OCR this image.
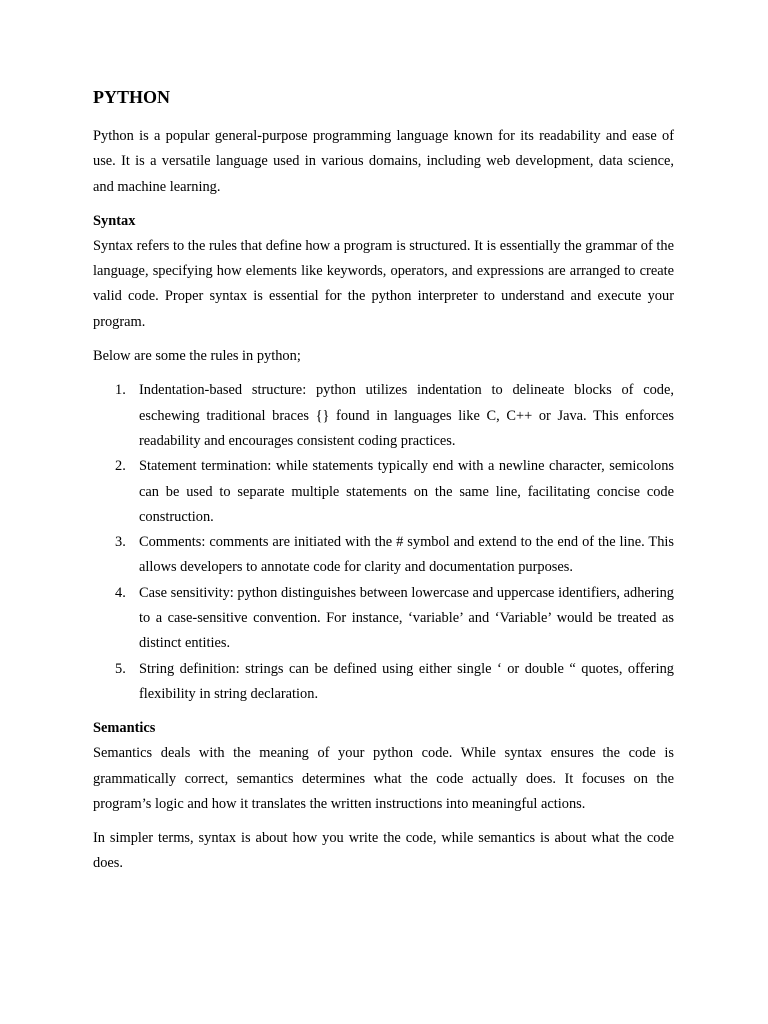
PYTHON

Python is a popular general-purpose programming language known for its readability and ease of use. It is a versatile language used in various domains, including web development, data science, and machine learning.

Syntax

Syntax refers to the rules that define how a program is structured. It is essentially the grammar of the language, specifying how elements like keywords, operators, and expressions are arranged to create valid code. Proper syntax is essential for the python interpreter to understand and execute your program.

Below are some the rules in python;

1. Indentation-based structure: python utilizes indentation to delineate blocks of code, eschewing traditional braces {} found in languages like C, C++ or Java. This enforces readability and encourages consistent coding practices.
2. Statement termination: while statements typically end with a newline character, semicolons can be used to separate multiple statements on the same line, facilitating concise code construction.
3. Comments: comments are initiated with the # symbol and extend to the end of the line. This allows developers to annotate code for clarity and documentation purposes.
4. Case sensitivity: python distinguishes between lowercase and uppercase identifiers, adhering to a case-sensitive convention. For instance, ‘variable’ and ‘Variable’ would be treated as distinct entities.
5. String definition: strings can be defined using either single ‘ or double “ quotes, offering flexibility in string declaration.
Semantics

Semantics deals with the meaning of your python code. While syntax ensures the code is grammatically correct, semantics determines what the code actually does. It focuses on the program’s logic and how it translates the written instructions into meaningful actions.

In simpler terms, syntax is about how you write the code, while semantics is about what the code does.
